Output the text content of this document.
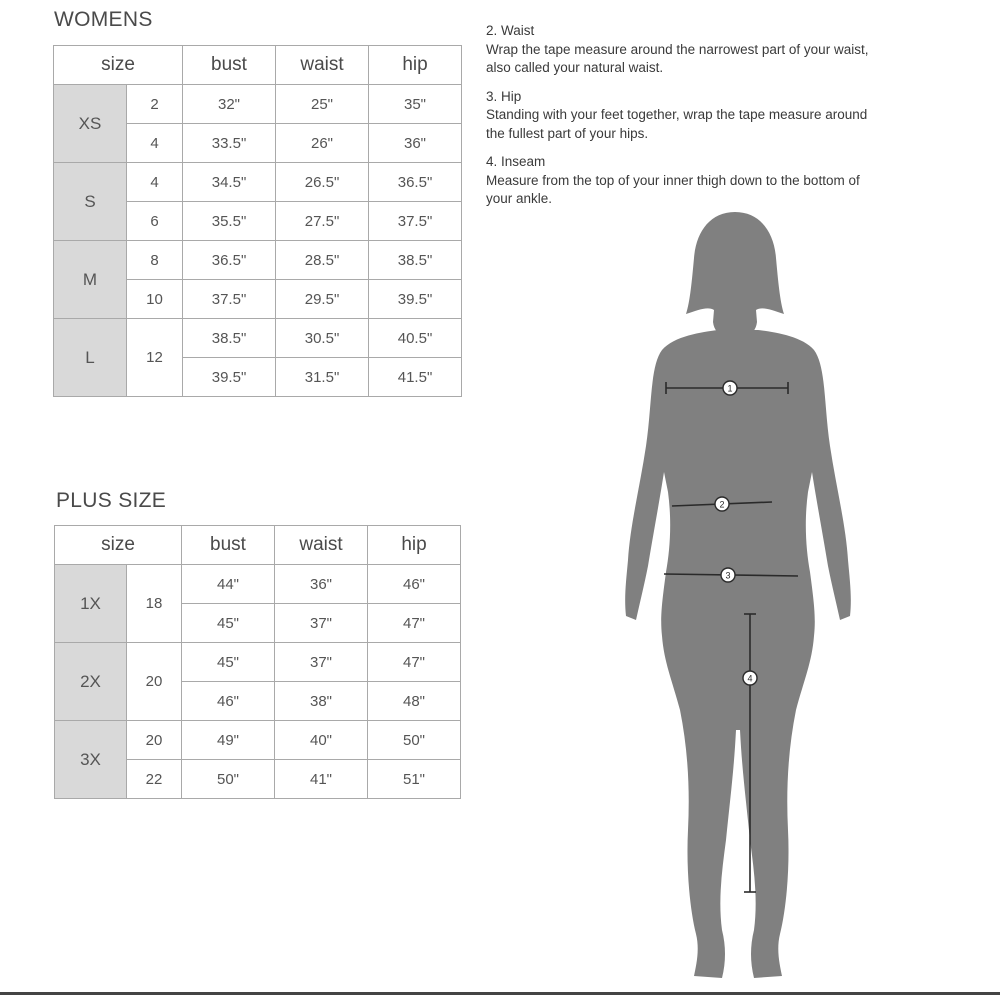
WOMENS
size		bust	waist	hip
XS	2	32"	25"	35"
	4	33.5"	26"	36"
S	4	34.5"	26.5"	36.5"
	6	35.5"	27.5"	37.5"
M	8	36.5"	28.5"	38.5"
	10	37.5"	29.5"	39.5"
L	12	38.5"	30.5"	40.5"
		39.5"	31.5"	41.5"
PLUS SIZE
size		bust	waist	hip
1X	18	44"	36"	46"
		45"	37"	47"
2X	20	45"	37"	47"
		46"	38"	48"
3X	20	49"	40"	50"
	22	50"	41"	51"
2. Waist
Wrap the tape measure around the narrowest part of your waist, also called your natural waist.
3. Hip
Standing with your feet together, wrap the tape measure around the fullest part of your hips.
4. Inseam
Measure from the top of your inner thigh down to the bottom of your ankle.
1
2
3
4
